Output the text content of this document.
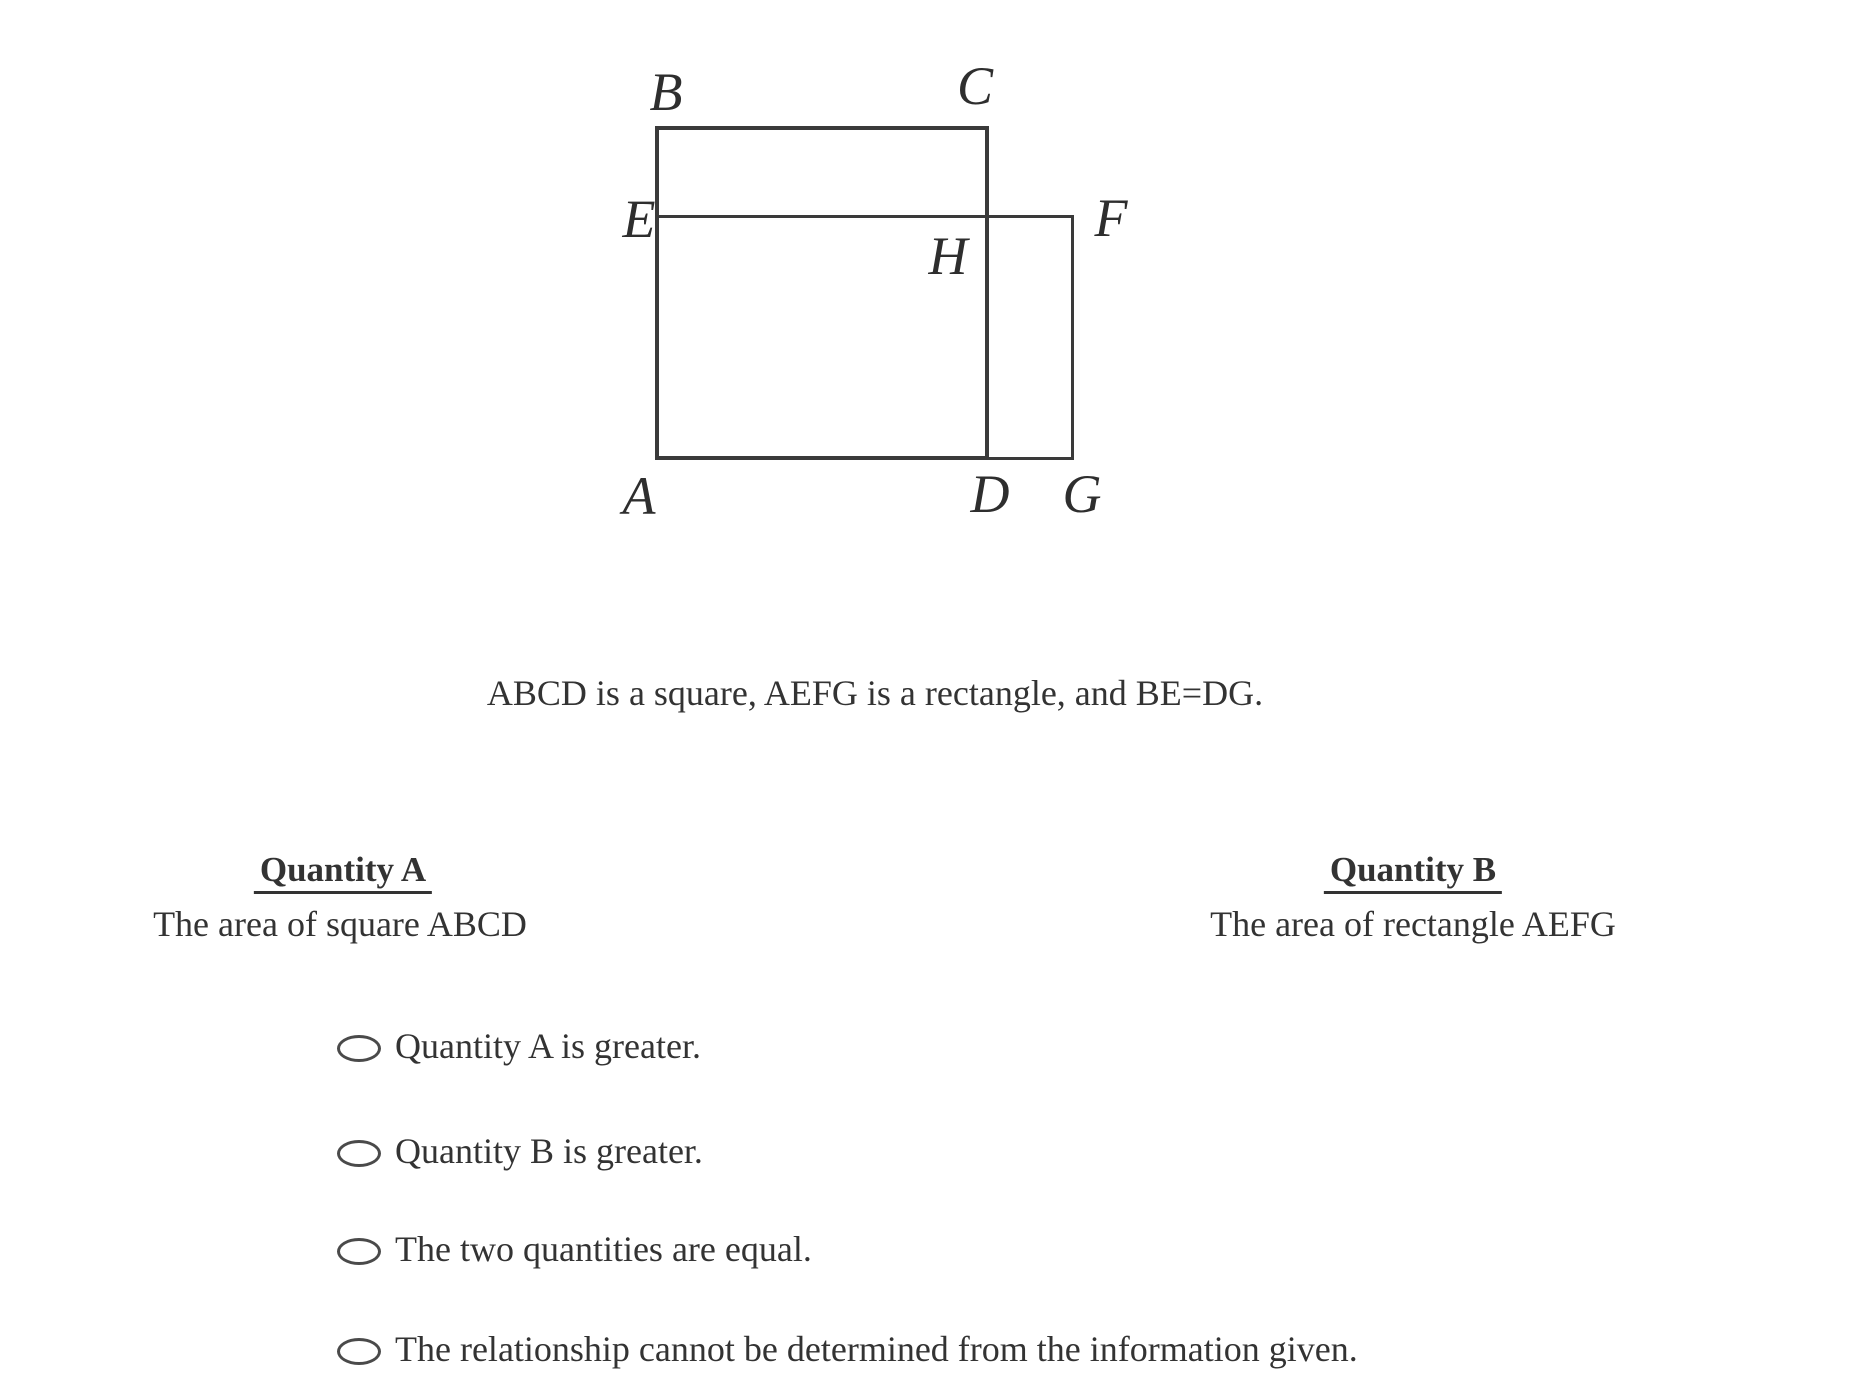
B	C
E	F
H
A	D G
ABCD is a square, AEFG is a rectangle, and BE=DG.
Quantity A
The area of square ABCD
Quantity B
The area of rectangle AEFG
Quantity A is greater.
Quantity B is greater.
The two quantities are equal.
The relationship cannot be determined from the information given.
